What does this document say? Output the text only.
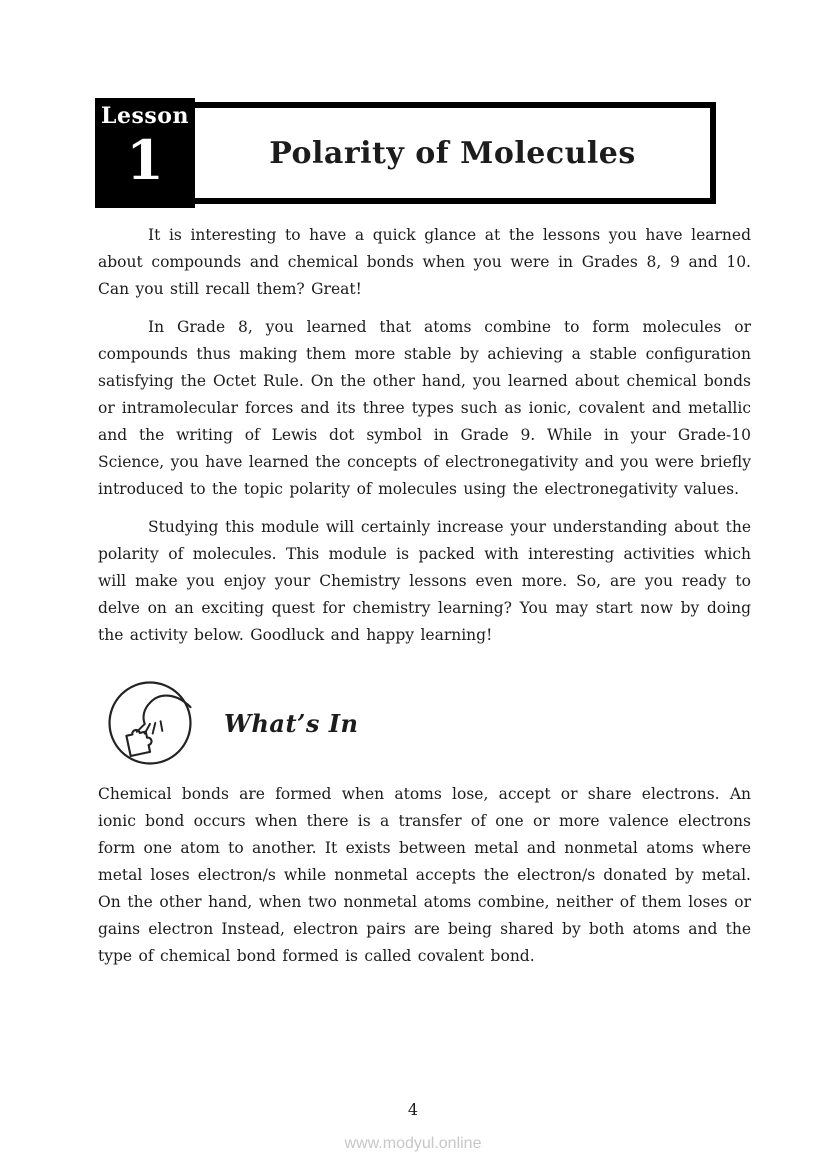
Lesson
1	Polarity of Molecules

It is interesting to have a quick glance at the lessons you have learned about compounds and chemical bonds when you were in Grades 8, 9 and 10. Can you still recall them? Great!

In Grade 8, you learned that atoms combine to form molecules or compounds thus making them more stable by achieving a stable configuration satisfying the Octet Rule. On the other hand, you learned about chemical bonds or intramolecular forces and its three types such as ionic, covalent and metallic and the writing of Lewis dot symbol in Grade 9. While in your Grade-10 Science, you have learned the concepts of electronegativity and you were briefly introduced to the topic polarity of molecules using the electronegativity values.

Studying this module will certainly increase your understanding about the polarity of molecules. This module is packed with interesting activities which will make you enjoy your Chemistry lessons even more. So, are you ready to delve on an exciting quest for chemistry learning? You may start now by doing the activity below. Goodluck and happy learning!

What’s In

Chemical bonds are formed when atoms lose, accept or share electrons. An ionic bond occurs when there is a transfer of one or more valence electrons form one atom to another. It exists between metal and nonmetal atoms where metal loses electron/s while nonmetal accepts the electron/s donated by metal. On the other hand, when two nonmetal atoms combine, neither of them loses or gains electron Instead, electron pairs are being shared by both atoms and the type of chemical bond formed is called covalent bond.

4
www.modyul.online
